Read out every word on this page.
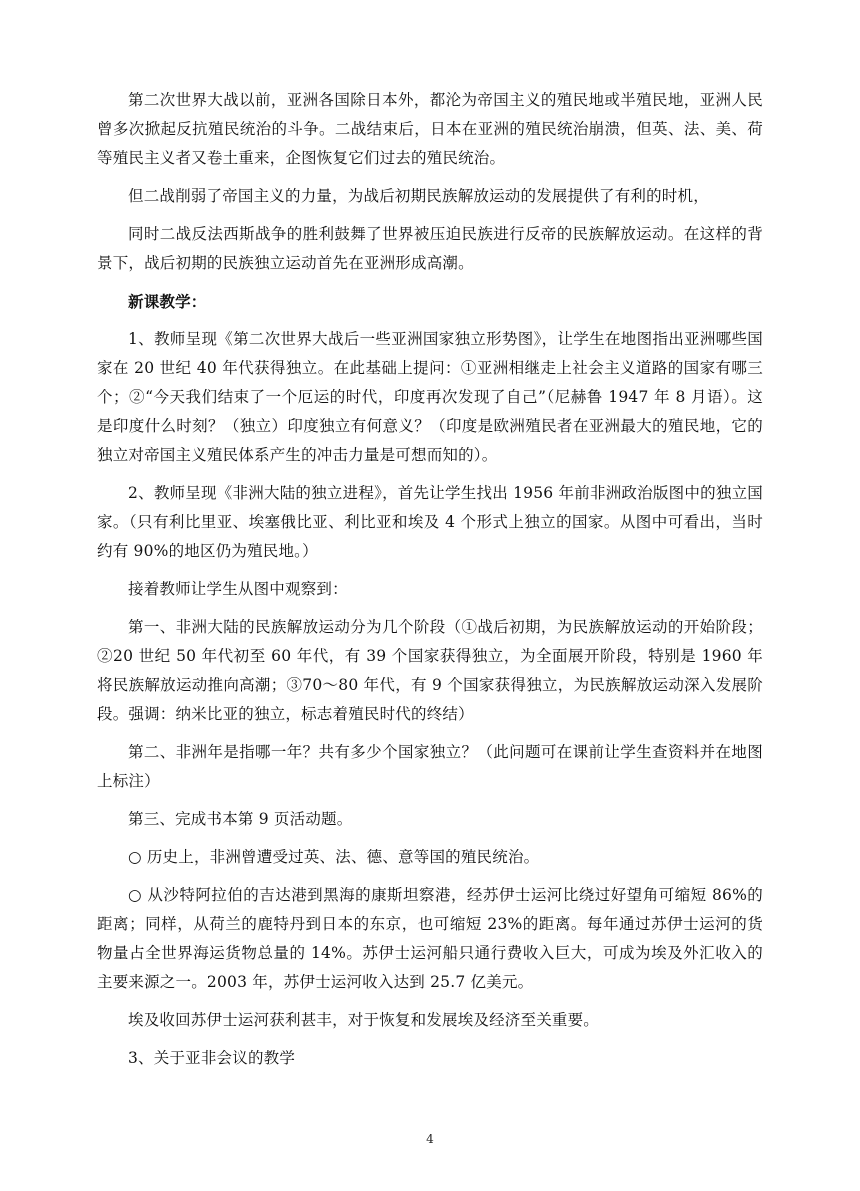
第二次世界大战以前，亚洲各国除日本外，都沦为帝国主义的殖民地或半殖民地，亚洲人民曾多次掀起反抗殖民统治的斗争。二战结束后，日本在亚洲的殖民统治崩溃，但英、法、美、荷等殖民主义者又卷土重来，企图恢复它们过去的殖民统治。

但二战削弱了帝国主义的力量，为战后初期民族解放运动的发展提供了有利的时机，

同时二战反法西斯战争的胜利鼓舞了世界被压迫民族进行反帝的民族解放运动。在这样的背景下，战后初期的民族独立运动首先在亚洲形成高潮。

新课教学：

1、教师呈现《第二次世界大战后一些亚洲国家独立形势图》，让学生在地图指出亚洲哪些国家在 20 世纪 40 年代获得独立。在此基础上提问：①亚洲相继走上社会主义道路的国家有哪三个；②“今天我们结束了一个厄运的时代，印度再次发现了自己”（尼赫鲁 1947 年 8 月语）。这是印度什么时刻？（独立）印度独立有何意义？（印度是欧洲殖民者在亚洲最大的殖民地，它的独立对帝国主义殖民体系产生的冲击力量是可想而知的）。

2、教师呈现《非洲大陆的独立进程》，首先让学生找出 1956 年前非洲政治版图中的独立国家。（只有利比里亚、埃塞俄比亚、利比亚和埃及 4 个形式上独立的国家。从图中可看出，当时约有 90%的地区仍为殖民地。）

接着教师让学生从图中观察到：

第一、非洲大陆的民族解放运动分为几个阶段（①战后初期，为民族解放运动的开始阶段；②20 世纪 50 年代初至 60 年代，有 39 个国家获得独立，为全面展开阶段，特别是 1960 年将民族解放运动推向高潮；③70～80 年代，有 9 个国家获得独立，为民族解放运动深入发展阶段。强调：纳米比亚的独立，标志着殖民时代的终结）

第二、非洲年是指哪一年？共有多少个国家独立？（此问题可在课前让学生查资料并在地图上标注）

第三、完成书本第 9 页活动题。

○ 历史上，非洲曾遭受过英、法、德、意等国的殖民统治。

○ 从沙特阿拉伯的吉达港到黑海的康斯坦察港，经苏伊士运河比绕过好望角可缩短 86%的距离；同样，从荷兰的鹿特丹到日本的东京，也可缩短 23%的距离。每年通过苏伊士运河的货物量占全世界海运货物总量的 14%。苏伊士运河船只通行费收入巨大，可成为埃及外汇收入的主要来源之一。2003 年，苏伊士运河收入达到 25.7 亿美元。

埃及收回苏伊士运河获利甚丰，对于恢复和发展埃及经济至关重要。

3、关于亚非会议的教学

4
